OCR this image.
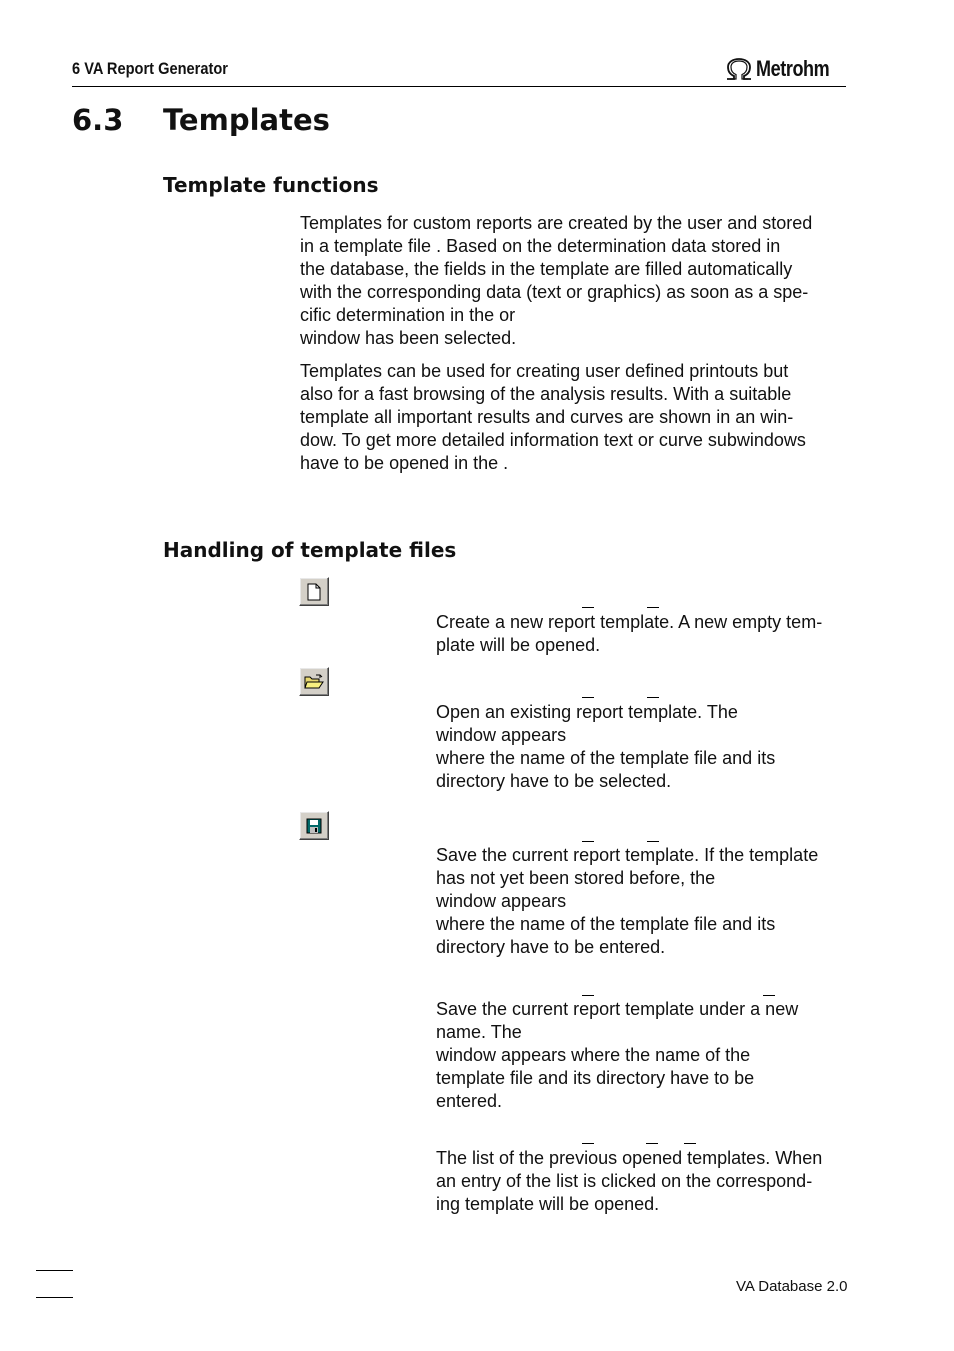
6 VA Report Generator	Metrohm
6.3 Templates
Template functions
Templates for custom reports are created by the user and stored
in a template file . Based on the determination data stored in
the database, the fields in the template are filled automatically
with the corresponding data (text or graphics) as soon as a spe-
cific determination in the or
window has been selected.
Templates can be used for creating user defined printouts but
also for a fast browsing of the analysis results. With a suitable
template all important results and curves are shown in an win-
dow. To get more detailed information text or curve subwindows
have to be opened in the .
Handling of template files
Create a new report template. A new empty tem-
plate will be opened.
Open an existing report template. The
window appears
where the name of the template file and its
directory have to be selected.
Save the current report template. If the template
has not yet been stored before, the
window appears
where the name of the template file and its
directory have to be entered.
Save the current report template under a new
name. The
window appears where the name of the
template file and its directory have to be
entered.
The list of the previous opened templates. When
an entry of the list is clicked on the correspond-
ing template will be opened.
VA Database 2.0
